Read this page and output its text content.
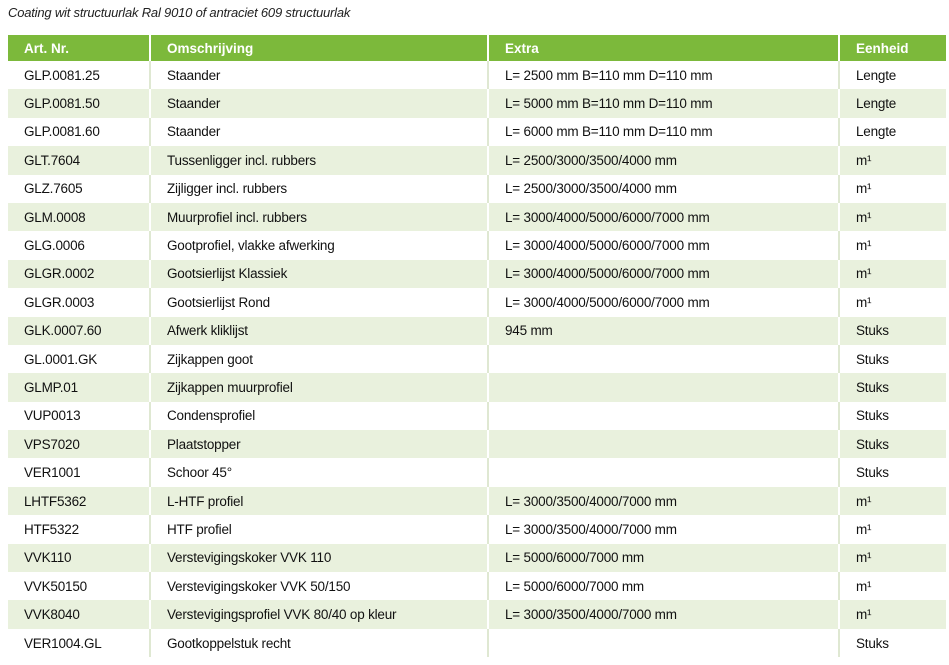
Coating wit structuurlak Ral 9010 of antraciet 609 structuurlak
Art. Nr.	Omschrijving	Extra	Eenheid
GLP.0081.25	Staander	L= 2500 mm B=110 mm D=110 mm	Lengte
GLP.0081.50	Staander	L= 5000 mm B=110 mm D=110 mm	Lengte
GLP.0081.60	Staander	L= 6000 mm B=110 mm D=110 mm	Lengte
GLT.7604	Tussenligger incl. rubbers	L= 2500/3000/3500/4000 mm	m¹
GLZ.7605	Zijligger incl. rubbers	L= 2500/3000/3500/4000 mm	m¹
GLM.0008	Muurprofiel incl. rubbers	L= 3000/4000/5000/6000/7000 mm	m¹
GLG.0006	Gootprofiel, vlakke afwerking	L= 3000/4000/5000/6000/7000 mm	m¹
GLGR.0002	Gootsierlijst Klassiek	L= 3000/4000/5000/6000/7000 mm	m¹
GLGR.0003	Gootsierlijst Rond	L= 3000/4000/5000/6000/7000 mm	m¹
GLK.0007.60	Afwerk kliklijst	945 mm	Stuks
GL.0001.GK	Zijkappen goot		Stuks
GLMP.01	Zijkappen muurprofiel		Stuks
VUP0013	Condensprofiel		Stuks
VPS7020	Plaatstopper		Stuks
VER1001	Schoor 45°		Stuks
LHTF5362	L-HTF profiel	L= 3000/3500/4000/7000 mm	m¹
HTF5322	HTF profiel	L= 3000/3500/4000/7000 mm	m¹
VVK110	Verstevigingskoker VVK 110	L= 5000/6000/7000 mm	m¹
VVK50150	Verstevigingskoker VVK 50/150	L= 5000/6000/7000 mm	m¹
VVK8040	Verstevigingsprofiel VVK 80/40 op kleur	L= 3000/3500/4000/7000 mm	m¹
VER1004.GL	Gootkoppelstuk recht		Stuks
